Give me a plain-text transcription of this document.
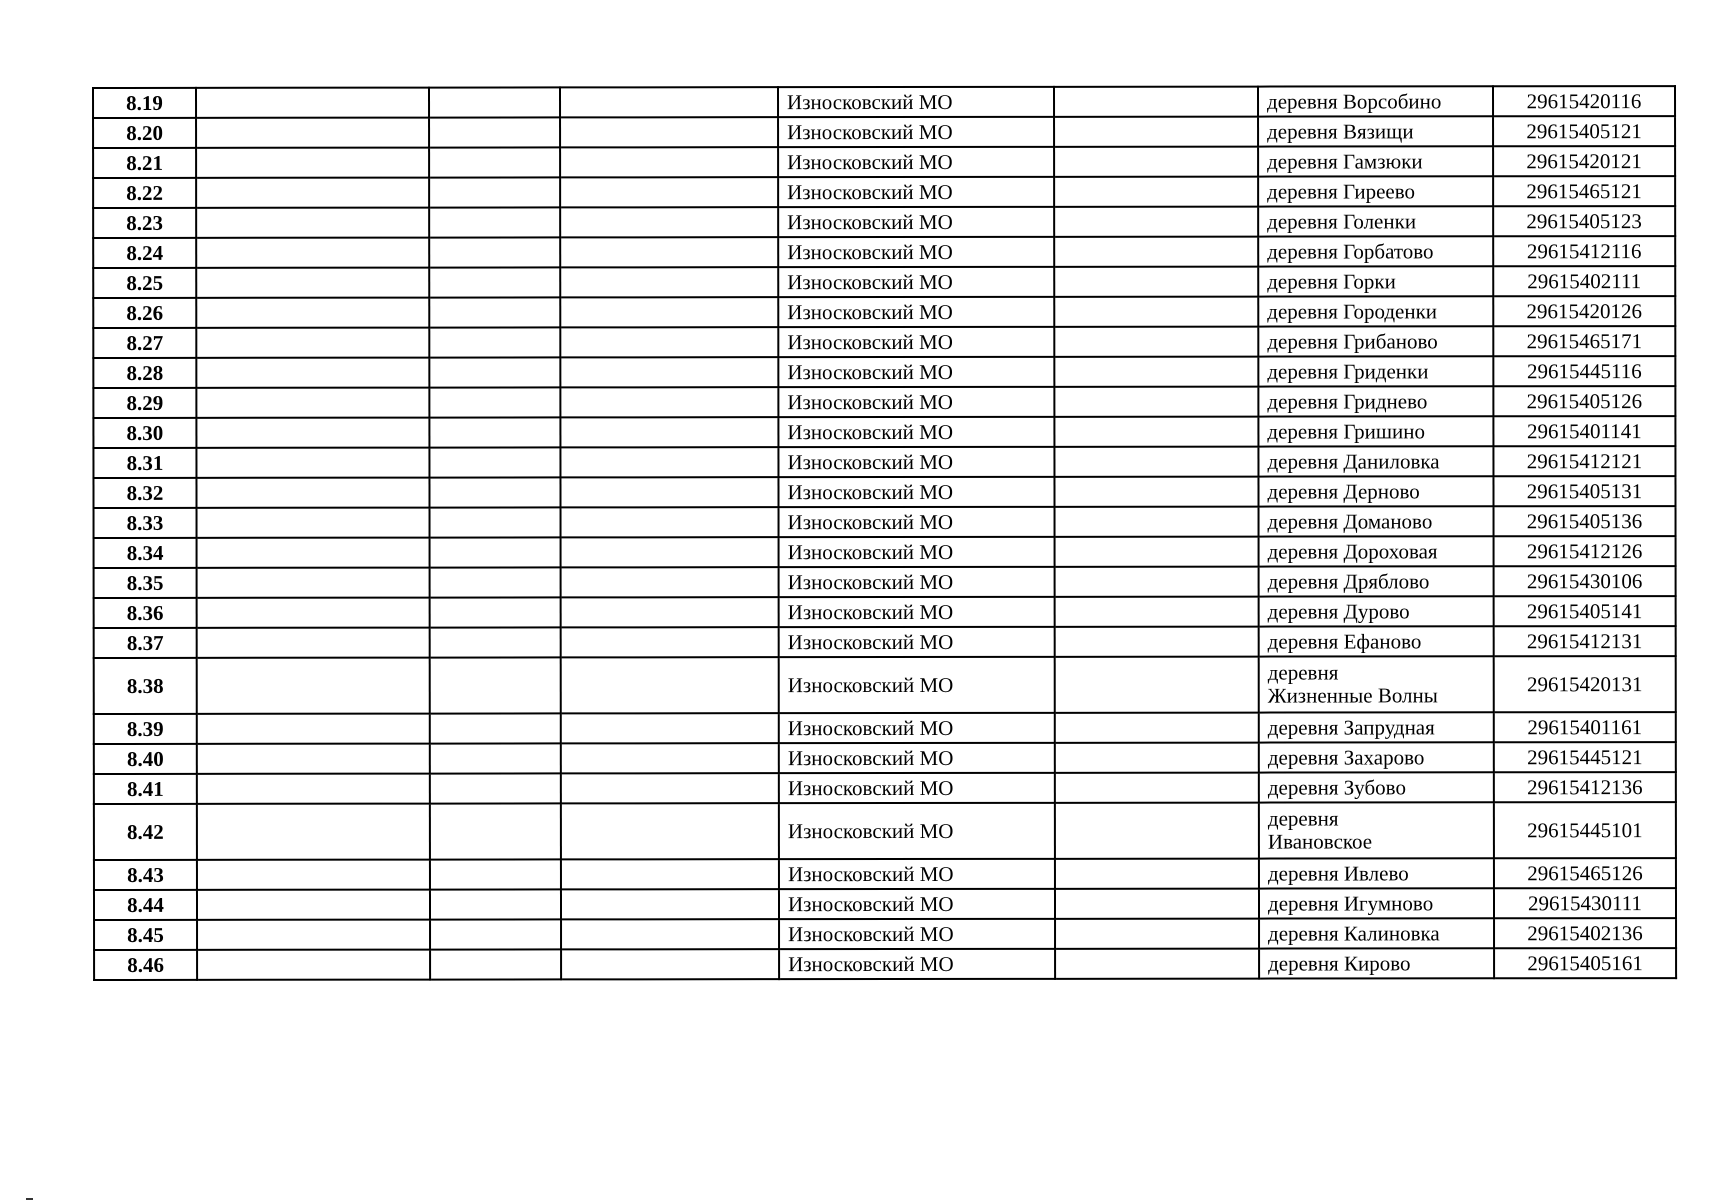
8.19				Износковский МО		деревня Ворсобино	29615420116
8.20				Износковский МО		деревня Вязищи	29615405121
8.21				Износковский МО		деревня Гамзюки	29615420121
8.22				Износковский МО		деревня Гиреево	29615465121
8.23				Износковский МО		деревня Голенки	29615405123
8.24				Износковский МО		деревня Горбатово	29615412116
8.25				Износковский МО		деревня Горки	29615402111
8.26				Износковский МО		деревня Городенки	29615420126
8.27				Износковский МО		деревня Грибаново	29615465171
8.28				Износковский МО		деревня Гриденки	29615445116
8.29				Износковский МО		деревня Гриднево	29615405126
8.30				Износковский МО		деревня Гришино	29615401141
8.31				Износковский МО		деревня Даниловка	29615412121
8.32				Износковский МО		деревня Дерново	29615405131
8.33				Износковский МО		деревня Доманово	29615405136
8.34				Износковский МО		деревня Дороховая	29615412126
8.35				Износковский МО		деревня Дряблово	29615430106
8.36				Износковский МО		деревня Дурово	29615405141
8.37				Износковский МО		деревня Ефаново	29615412131
8.38				Износковский МО		деревня
Жизненные Волны	29615420131
8.39				Износковский МО		деревня Запрудная	29615401161
8.40				Износковский МО		деревня Захарово	29615445121
8.41				Износковский МО		деревня Зубово	29615412136
8.42				Износковский МО		деревня
Ивановское	29615445101
8.43				Износковский МО		деревня Ивлево	29615465126
8.44				Износковский МО		деревня Игумново	29615430111
8.45				Износковский МО		деревня Калиновка	29615402136
8.46				Износковский МО		деревня Кирово	29615405161
